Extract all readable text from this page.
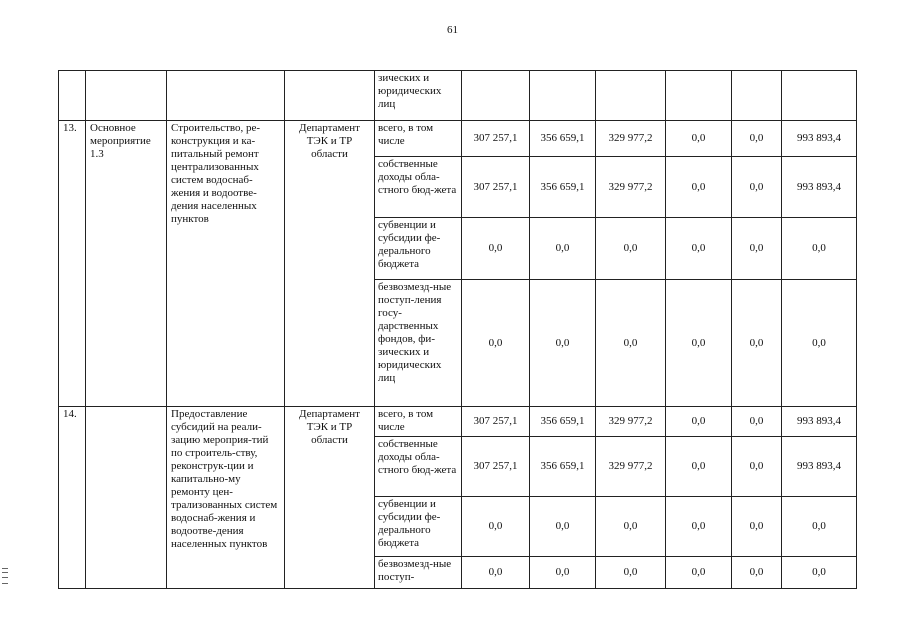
61
				зических и юридических лиц						
13.	Основное мероприятие 1.3	Строительство, ре-конструкция и ка-питальный ремонт централизованных систем водоснаб-жения и водоотве-дения населенных пунктов	Департамент ТЭК и ТР области	всего, в том числе	307 257,1	356 659,1	329 977,2	0,0	0,0	993 893,4
				собственные доходы обла-стного бюд-жета	307 257,1	356 659,1	329 977,2	0,0	0,0	993 893,4
				субвенции и субсидии фе-дерального бюджета	0,0	0,0	0,0	0,0	0,0	0,0
				безвозмезд-ные поступ-ления госу-дарственных фондов, фи-зических и юридических лиц	0,0	0,0	0,0	0,0	0,0	0,0
14.		Предоставление субсидий на реали-зацию мероприя-тий по строитель-ству, реконструк-ции и капитально-му ремонту цен-трализованных систем водоснаб-жения и водоотве-дения населенных пунктов	Департамент ТЭК и ТР области	всего, в том числе	307 257,1	356 659,1	329 977,2	0,0	0,0	993 893,4
				собственные доходы обла-стного бюд-жета	307 257,1	356 659,1	329 977,2	0,0	0,0	993 893,4
				субвенции и субсидии фе-дерального бюджета	0,0	0,0	0,0	0,0	0,0	0,0
				безвозмезд-ные поступ-	0,0	0,0	0,0	0,0	0,0	0,0
